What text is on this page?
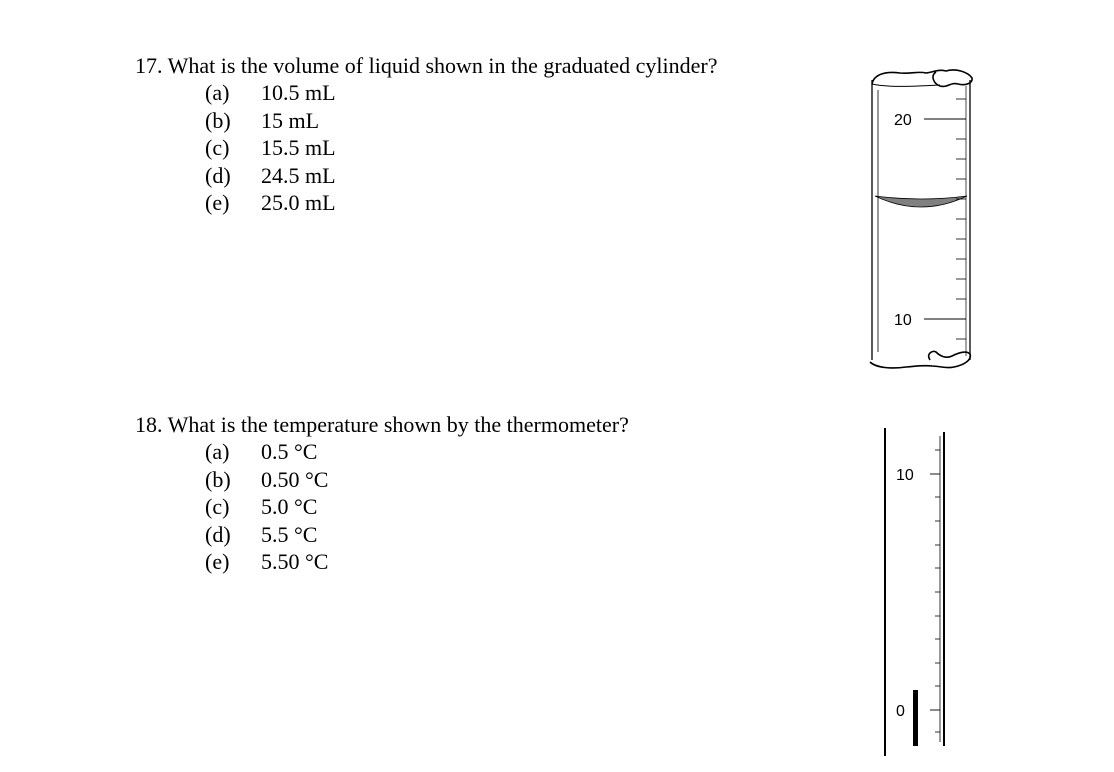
17. What is the volume of liquid shown in the graduated cylinder?

(a) 10.5 mL
(b) 15 mL
(c) 15.5 mL
(d) 24.5 mL
(e) 25.0 mL

18. What is the temperature shown by the thermometer?

(a) 0.5 °C
(b) 0.50 °C
(c) 5.0 °C
(d) 5.5 °C
(e) 5.50 °C
20
10
10
0
